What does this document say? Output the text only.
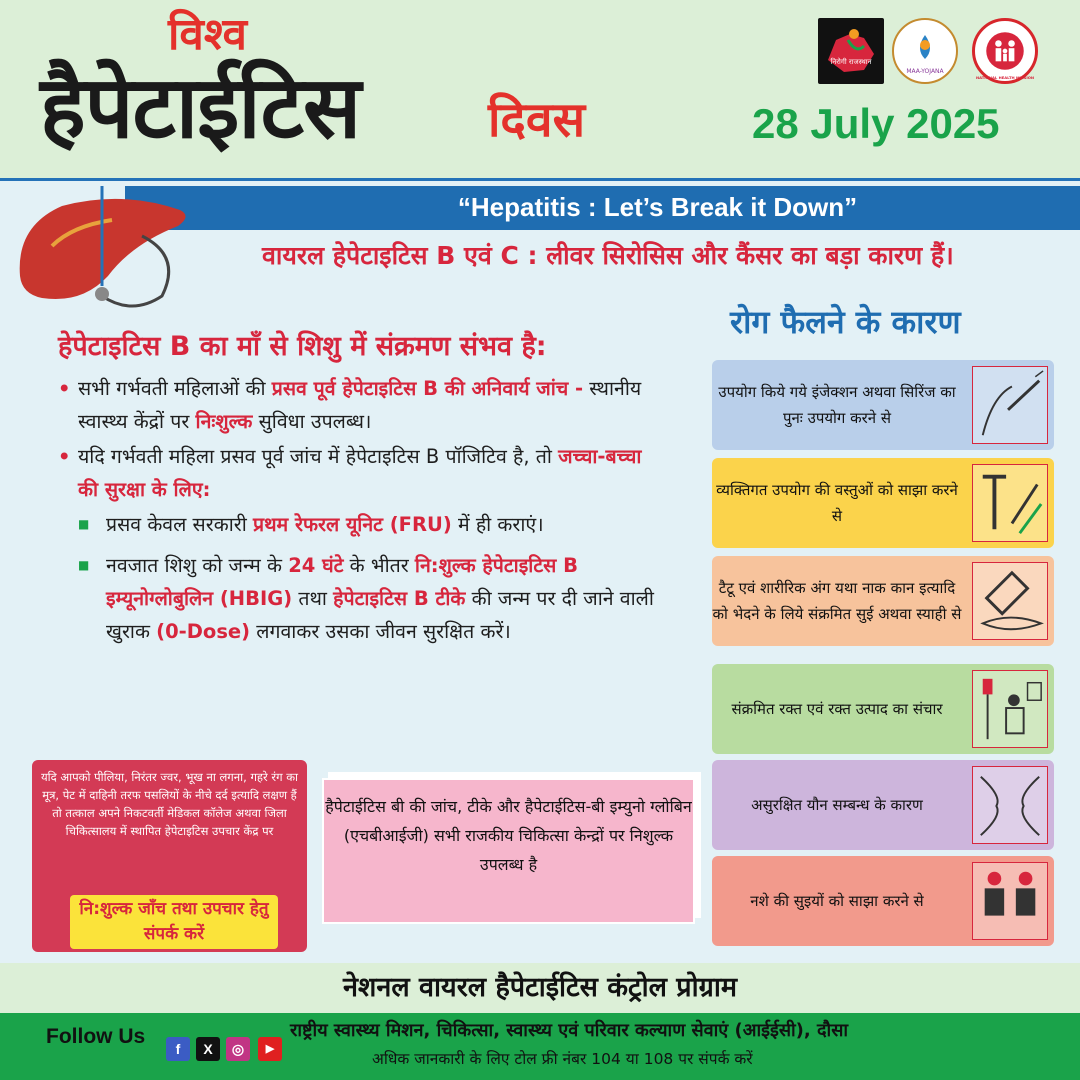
विश्व
हैपेटाईटिस	दिवस	28 July 2025
निरोगी राजस्थान
MAA-YOJANA
NATIONAL HEALTH MISSION
“Hepatitis : Let’s Break it Down”
वायरल हेपेटाइटिस B एवं C : लीवर सिरोसिस और कैंसर का बड़ा कारण हैं।
हेपेटाइटिस B का माँ से शिशु में संक्रमण संभव है:
• सभी गर्भवती महिलाओं की प्रसव पूर्व हेपेटाइटिस B की अनिवार्य जांच - स्थानीय स्वास्थ्य केंद्रों पर निःशुल्क सुविधा उपलब्ध।
• यदि गर्भवती महिला प्रसव पूर्व जांच में हेपेटाइटिस B पॉजिटिव है, तो जच्चा-बच्चा की सुरक्षा के लिए:
■ प्रसव केवल सरकारी प्रथम रेफरल यूनिट (FRU) में ही कराएं।
■ नवजात शिशु को जन्म के 24 घंटे के भीतर नि:शुल्क हेपेटाइटिस B इम्यूनोग्लोबुलिन (HBIG) तथा हेपेटाइटिस B टीके की जन्म पर दी जाने वाली खुराक (0-Dose) लगवाकर उसका जीवन सुरक्षित करें।
यदि आपको पीलिया, निरंतर ज्वर, भूख ना लगना, गहरे रंग का मूत्र, पेट में दाहिनी तरफ पसलियों के नीचे दर्द इत्यादि लक्षण हैं तो तत्काल अपने निकटवर्ती मेडिकल कॉलेज अथवा जिला चिकित्सालय में स्थापित हेपेटाइटिस उपचार केंद्र पर
नि:शुल्क जाँच तथा उपचार हेतु संपर्क करें
हैपेटाईटिस बी की जांच, टीके और हैपेटाईटिस-बी इम्युनो ग्लोबिन (एचबीआईजी) सभी राजकीय चिकित्सा केन्द्रों पर निशुल्क उपलब्ध है
रोग फैलने के कारण
उपयोग किये गये इंजेक्शन अथवा सिरिंज का पुनः उपयोग करने से
व्यक्तिगत उपयोग की वस्तुओं को साझा करने से
टैटू एवं शारीरिक अंग यथा नाक कान इत्यादि को भेदने के लिये संक्रमित सुई अथवा स्याही से
संक्रमित रक्त एवं रक्त उत्पाद का संचार
असुरक्षित यौन सम्बन्ध के कारण
नशे की सुइयों को साझा करने से
नेशनल वायरल हैपेटाईटिस कंट्रोल प्रोग्राम
Follow Us
f	X	◎	▶
राष्ट्रीय स्वास्थ्य मिशन, चिकित्सा, स्वास्थ्य एवं परिवार कल्याण सेवाएं (आईईसी), दौसा
अधिक जानकारी के लिए टोल फ्री नंबर 104 या 108 पर संपर्क करें
